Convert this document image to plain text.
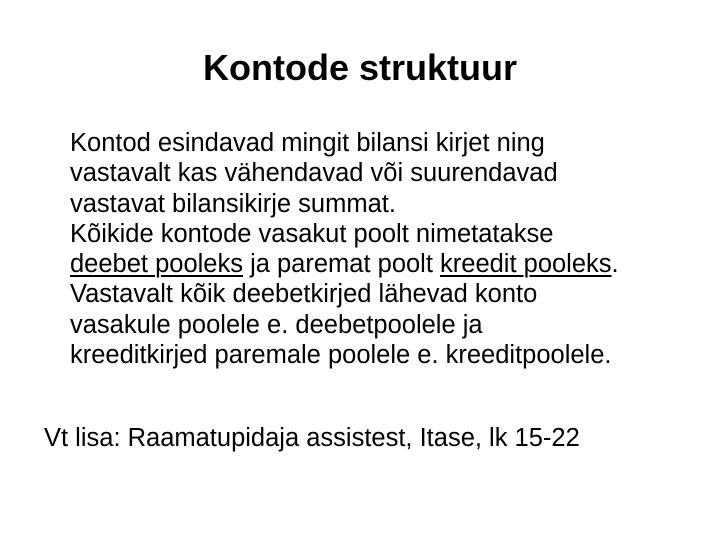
Kontode struktuur
Kontod esindavad mingit bilansi kirjet ning
vastavalt kas vähendavad või suurendavad
vastavat bilansikirje summat.
Kõikide kontode vasakut poolt nimetatakse
deebet pooleks ja paremat poolt kreedit pooleks.
Vastavalt kõik deebetkirjed lähevad konto
vasakule poolele e. deebetpoolele ja
kreeditkirjed paremale poolele e. kreeditpoolele.

Vt lisa: Raamatupidaja assistest, Itase, lk 15-22
